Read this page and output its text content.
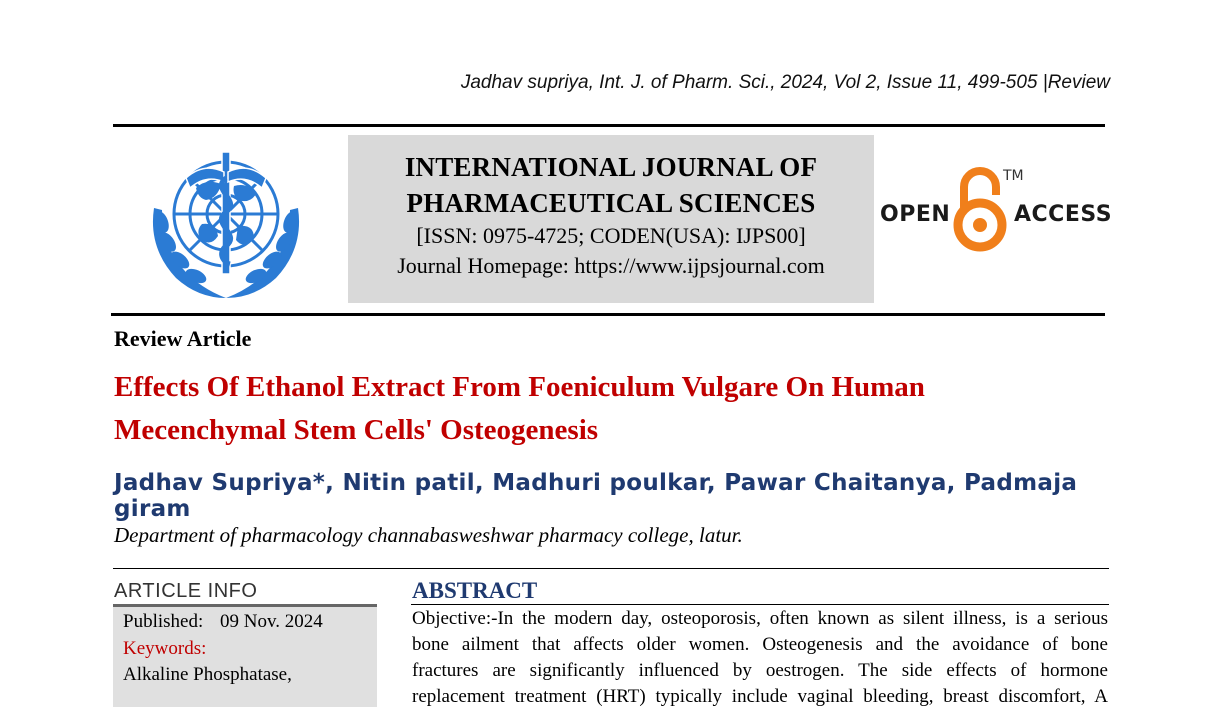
Jadhav supriya, Int. J. of Pharm. Sci., 2024, Vol 2, Issue 11, 499-505 |Review
INTERNATIONAL JOURNAL OF
PHARMACEUTICAL SCIENCES
[ISSN: 0975-4725; CODEN(USA): IJPS00]
Journal Homepage: https://www.ijpsjournal.com
OPEN	ACCESS
TM
Review Article
Effects Of Ethanol Extract From Foeniculum Vulgare On Human
Mecenchymal Stem Cells' Osteogenesis
Jadhav Supriya*, Nitin patil, Madhuri poulkar, Pawar Chaitanya, Padmaja giram
Department of pharmacology channabasweshwar pharmacy college, latur.
ARTICLE INFO
Published: 09 Nov. 2024
Keywords:
Alkaline Phosphatase,
ABSTRACT
Objective:-In the modern day, osteoporosis, often known as silent illness, is a serious
bone ailment that affects older women. Osteogenesis and the avoidance of bone
fractures are significantly influenced by oestrogen. The side effects of hormone
replacement treatment (HRT) typically include vaginal bleeding, breast discomfort, A
